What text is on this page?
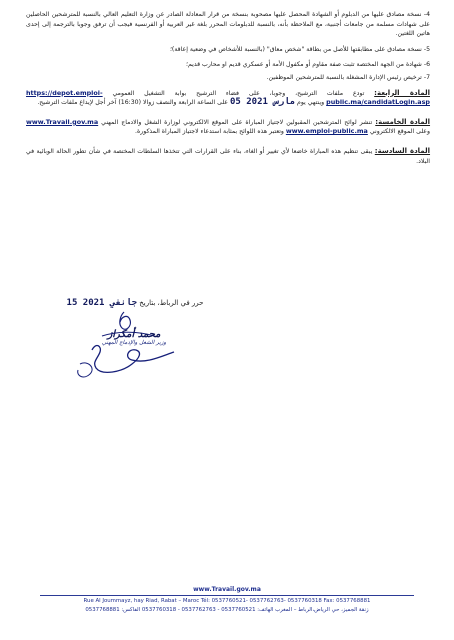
4- نسخة مصادق عليها من الدبلوم أو الشهادة المحصل عليها مصحوبة بنسخة من قرار المعادلة الصادر عن وزارة التعليم العالي بالنسبة للمترشحين الحاصلين على شهادات مسلمة من جامعات أجنبية، مع الملاحظة بأنه، بالنسبة للدبلومات المحرر بلغة غير العربية أو الفرنسية فيجب أن ترفق وجوبا بالترجمة إلى إحدى هاتين اللغتين.

5- نسخة مصادق على مطابقتها للأصل من بطاقة "شخص معاق" (بالنسبة للأشخاص في وضعية إعاقة)؛

6- شهادة من الجهة المختصة تثبت صفة مقاوم أو مكفول الأمة أو عسكري قديم او محارب قديم؛

7- ترخيص رئيس الإدارة المشغلة بالنسبة للمترشحين الموظفين.

المادة الرابعة: تودع ملفات الترشيح، وجوبا، على فضاء الترشيح بوابة التشغيل العمومي https://depot.emploi-public.ma/candidatLogin.asp وينتهي يوم 05 مارس 2021 على الساعة الرابعة والنصف زوالا (16:30) آخر أجل لإيداع ملفات الترشيح.

المادة الخامسة: تنشر لوائح المترشحين المقبولين لاجتياز المباراة على الموقع الالكتروني لوزارة الشغل والادماج المهني www.Travail.gov.ma وعلى الموقع الالكتروني www.emploi-public.ma وتعتبر هذه اللوائح بمثابة استدعاء لاجتياز المباراة المذكورة.

المادة السادسة: يبقى تنظيم هذه المباراة خاضعا لأي تغيير أو الغاء، بناء على القرارات التي تتخذها السلطات المختصة في شأن تطور الحالة الوبائية في البلاد.

حرر في الرباط، بتاريخ 15 جانفي 2021
محمد أمكراز
وزير الشغل والإدماج المهني
www.Travail.gov.ma
Rue Al Joummayz, hay Riad, Rabat – Maroc Tél: 0537760521- 0537762763- 0537760318 Fax: 0537768881
زنقة الجميز، حي الرياض،الرباط – المغرب الهاتف: 0537760521 - 0537762763 - 0537760318 الفاكس: 0537768881
